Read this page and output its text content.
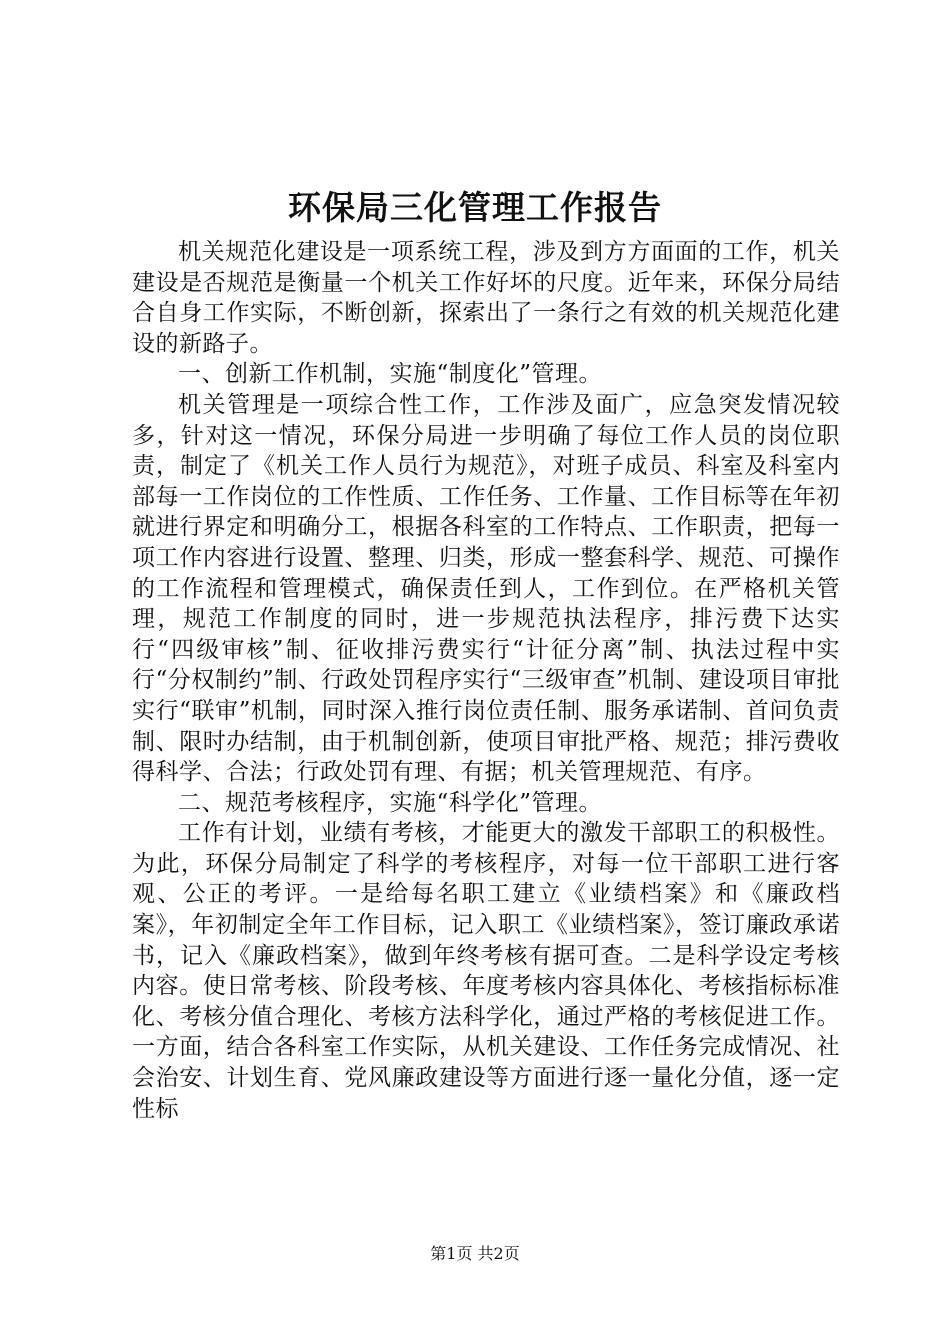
环保局三化管理工作报告

机关规范化建设是一项系统工程，涉及到方方面面的工作，机关建设是否规范是衡量一个机关工作好坏的尺度。近年来，环保分局结合自身工作实际，不断创新，探索出了一条行之有效的机关规范化建设的新路子。

一、创新工作机制，实施“制度化”管理。

机关管理是一项综合性工作，工作涉及面广，应急突发情况较多，针对这一情况，环保分局进一步明确了每位工作人员的岗位职责，制定了《机关工作人员行为规范》，对班子成员、科室及科室内部每一工作岗位的工作性质、工作任务、工作量、工作目标等在年初就进行界定和明确分工，根据各科室的工作特点、工作职责，把每一项工作内容进行设置、整理、归类，形成一整套科学、规范、可操作的工作流程和管理模式，确保责任到人，工作到位。在严格机关管理，规范工作制度的同时，进一步规范执法程序，排污费下达实行“四级审核”制、征收排污费实行“计征分离”制、执法过程中实行“分权制约”制、行政处罚程序实行“三级审查”机制、建设项目审批实行“联审”机制，同时深入推行岗位责任制、服务承诺制、首问负责制、限时办结制，由于机制创新，使项目审批严格、规范；排污费收得科学、合法；行政处罚有理、有据；机关管理规范、有序。

二、规范考核程序，实施“科学化”管理。

工作有计划，业绩有考核，才能更大的激发干部职工的积极性。为此，环保分局制定了科学的考核程序，对每一位干部职工进行客观、公正的考评。一是给每名职工建立《业绩档案》和《廉政档案》，年初制定全年工作目标，记入职工《业绩档案》，签订廉政承诺书，记入《廉政档案》，做到年终考核有据可查。二是科学设定考核内容。使日常考核、阶段考核、年度考核内容具体化、考核指标标准化、考核分值合理化、考核方法科学化，通过严格的考核促进工作。一方面，结合各科室工作实际，从机关建设、工作任务完成情况、社会治安、计划生育、党风廉政建设等方面进行逐一量化分值，逐一定性标

第1页 共2页
